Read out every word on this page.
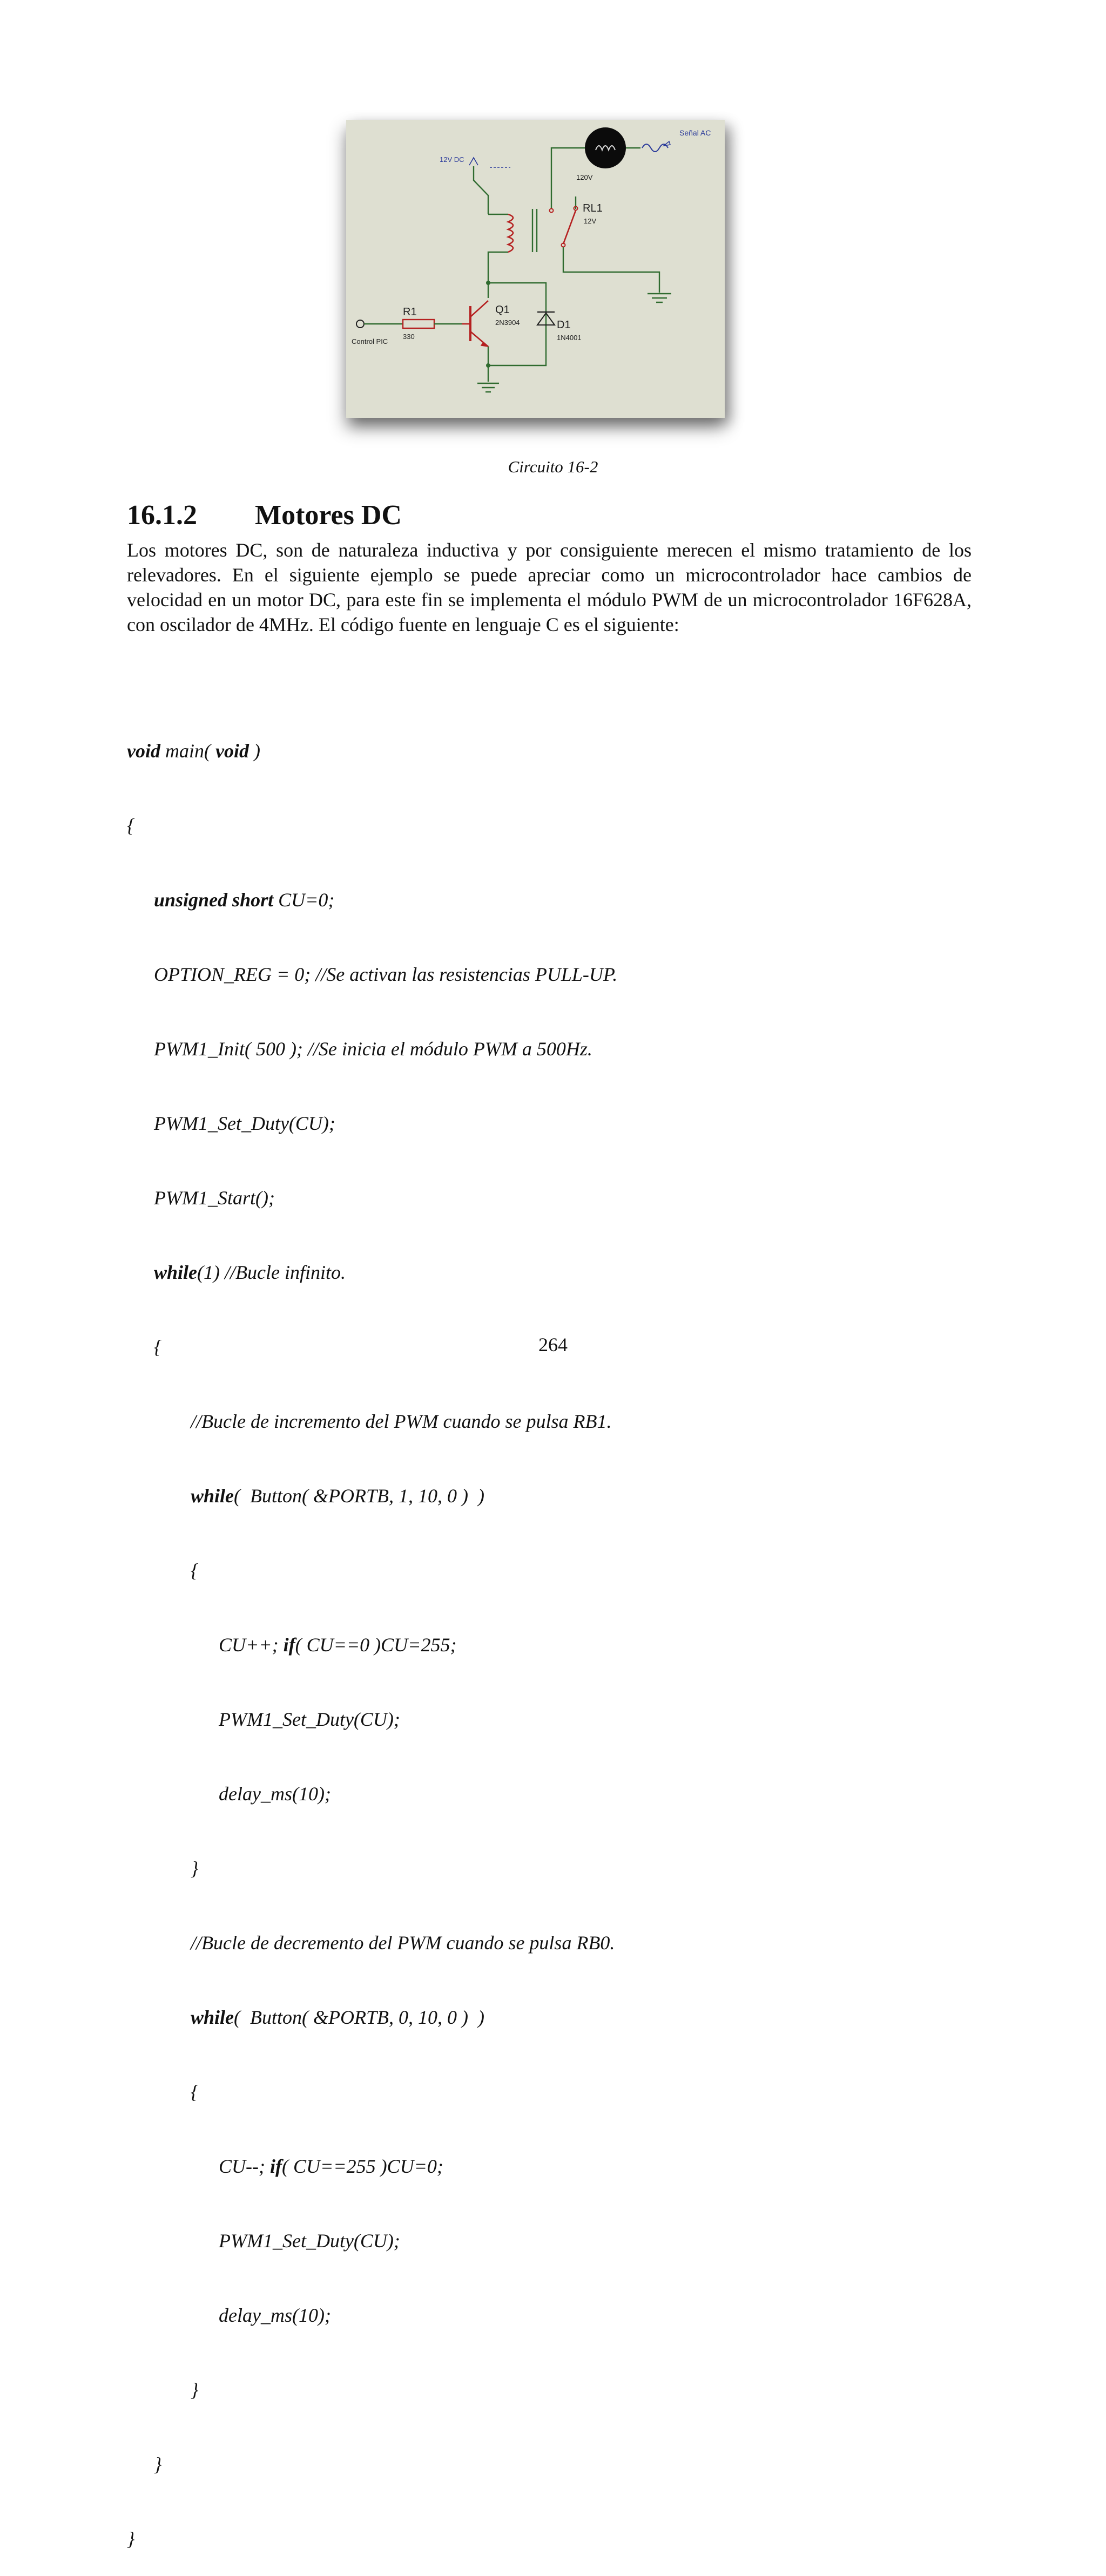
Señal AC
120V
12V DC
RL1
12V
D1
1N4001
Q1
2N3904
R1
330
Control PIC
Circuito 16-2
16.1.2 Motores DC
Los motores DC, son de naturaleza inductiva y por consiguiente merecen el mismo tratamiento de los relevadores. En el siguiente ejemplo se puede apreciar como un microcontrolador hace cambios de velocidad en un motor DC, para este fin se implementa el módulo PWM de un microcontrolador 16F628A, con oscilador de 4MHz. El código fuente en lenguaje C es el siguiente:

void main( void )

{

unsigned short CU=0;

OPTION_REG = 0; //Se activan las resistencias PULL-UP.

PWM1_Init( 500 ); //Se inicia el módulo PWM a 500Hz.

PWM1_Set_Duty(CU);

PWM1_Start();

while(1) //Bucle infinito.

{

//Bucle de incremento del PWM cuando se pulsa RB1.

while(  Button( &PORTB, 1, 10, 0 )  )

{

CU++; if( CU==0 )CU=255;

PWM1_Set_Duty(CU);

delay_ms(10);

}

//Bucle de decremento del PWM cuando se pulsa RB0.

while(  Button( &PORTB, 0, 10, 0 )  )

{

CU--; if( CU==255 )CU=0;

PWM1_Set_Duty(CU);

delay_ms(10);

}

}

}

264
